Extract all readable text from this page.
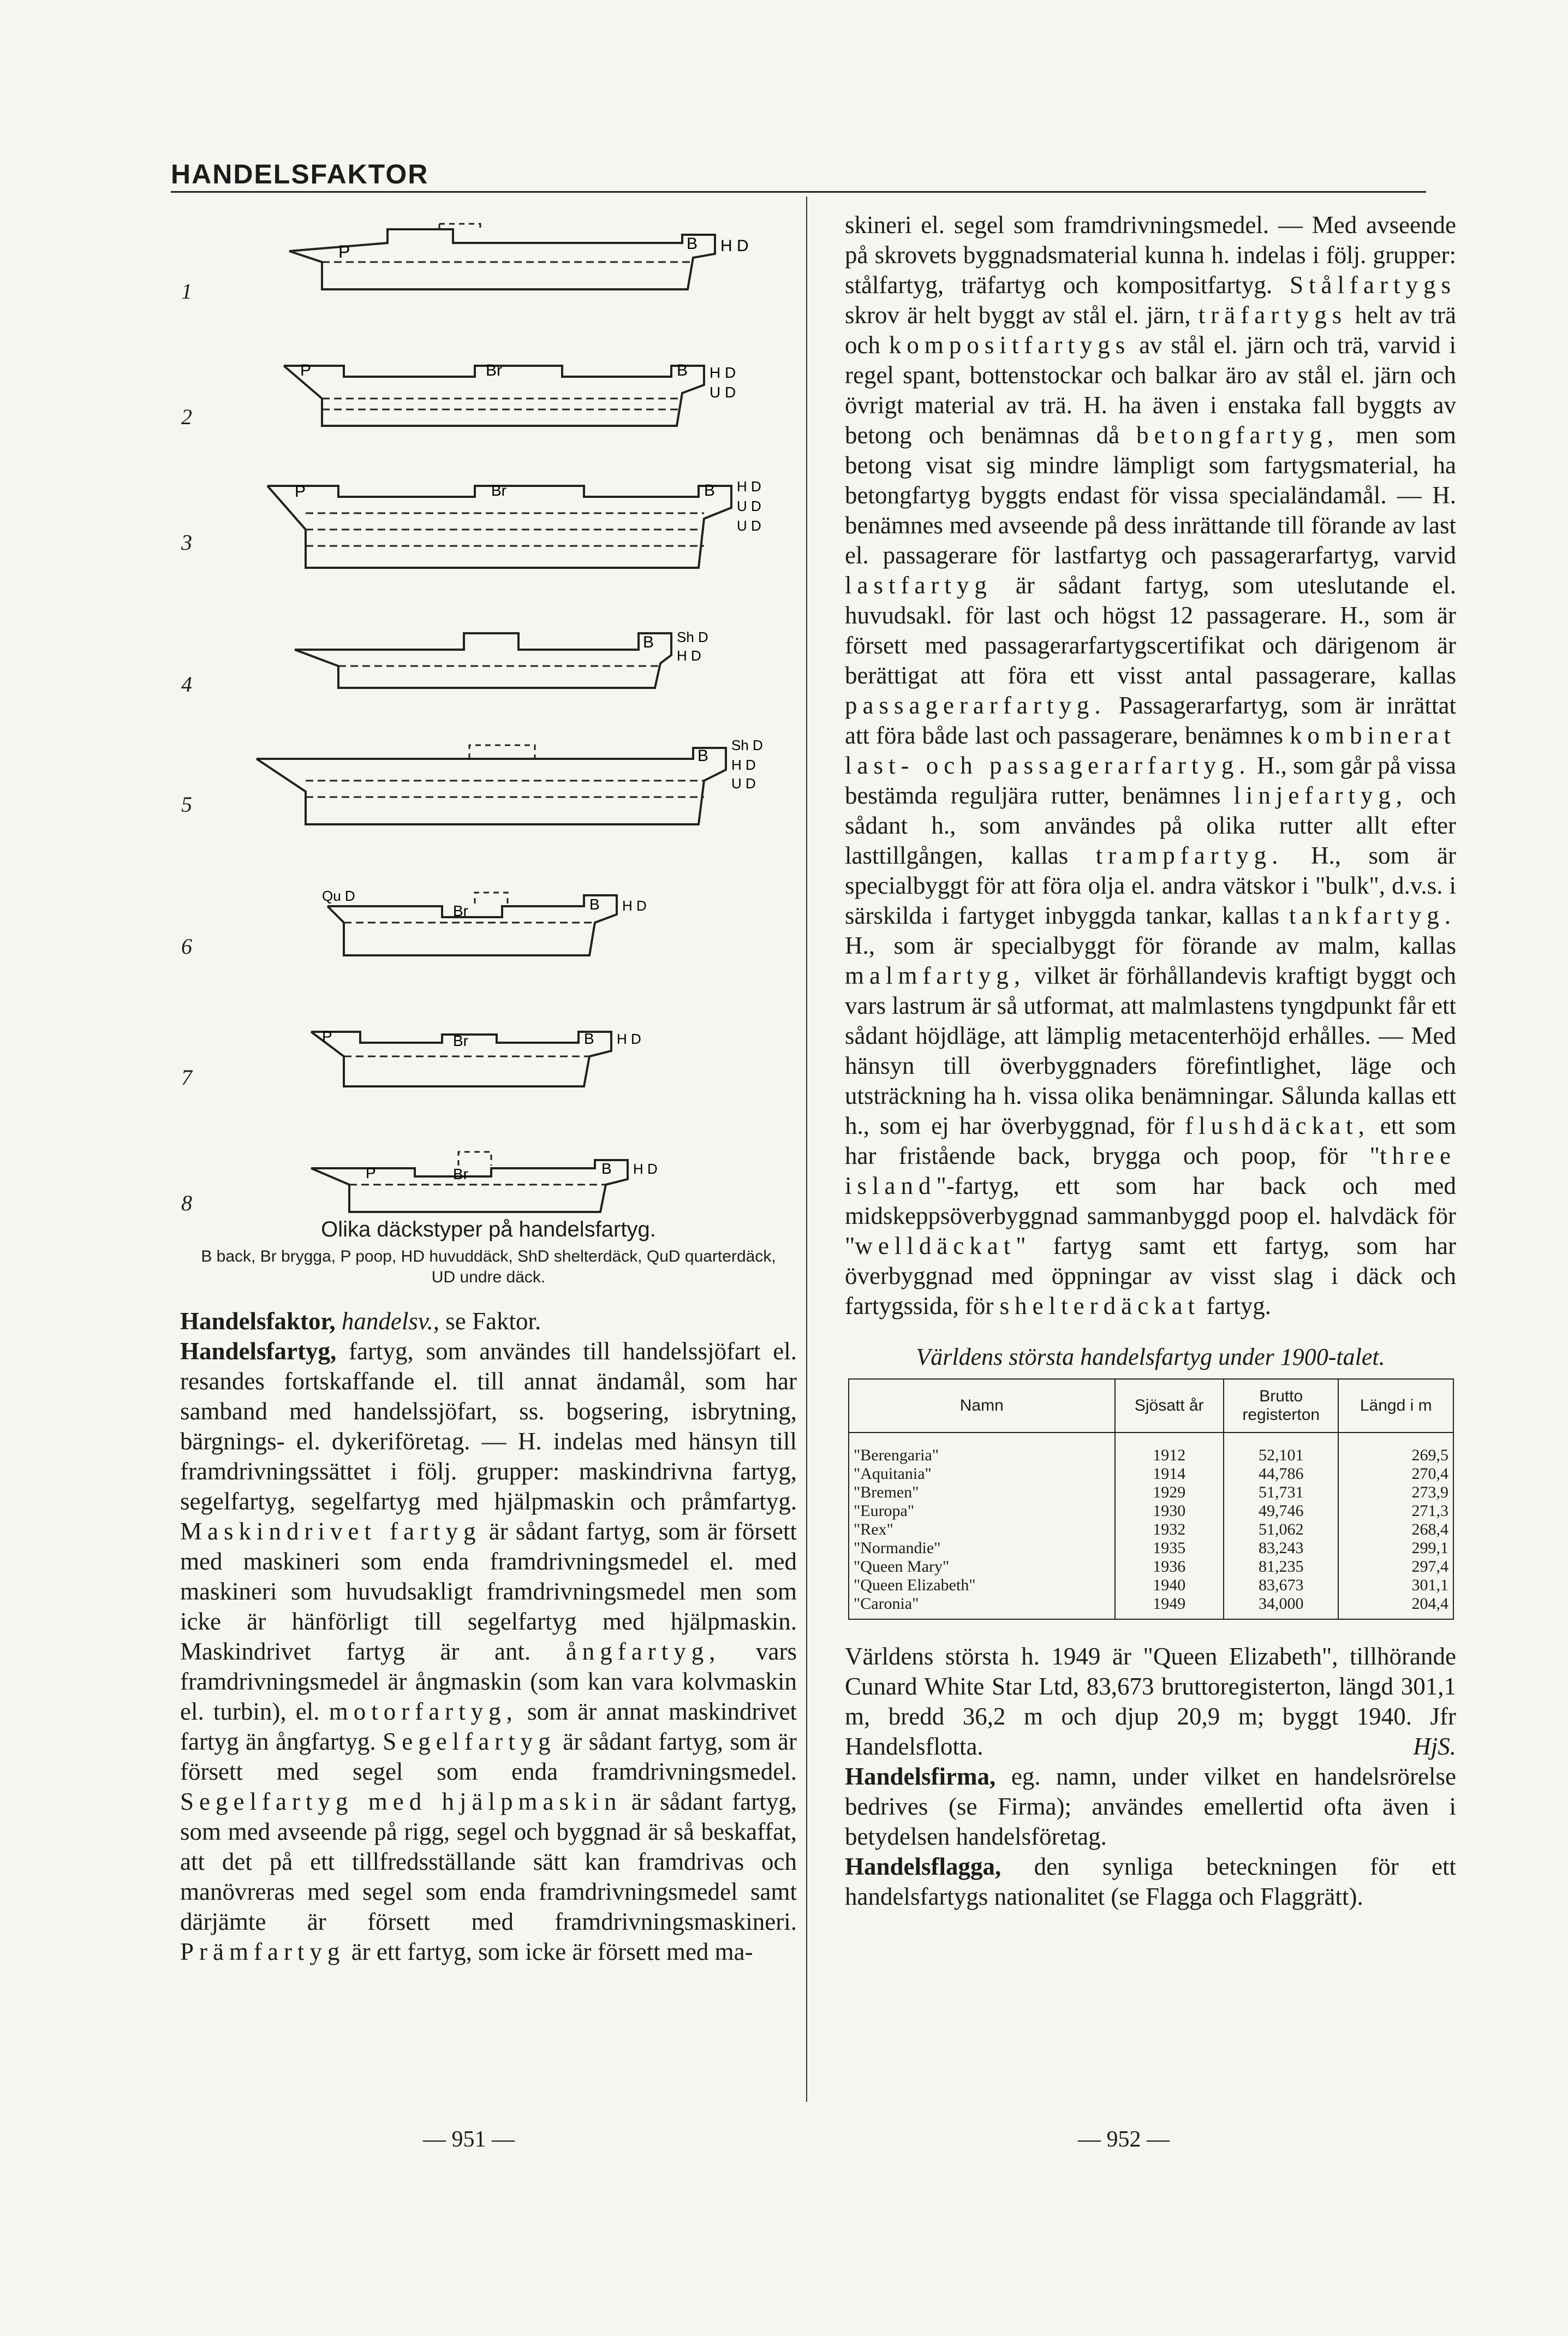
HANDELSFAKTOR
1
P	B H D
2
P	Br	B H D
U D
3
P	Br	B H D
U D
U D
4
B Sh D
H D
5
B
Sh D
H D
U D
6
Qu D
Br	B H D
7
P	Br	B H D
8
P	Br	B H D
Olika däckstyper på handelsfartyg.
B back, Br brygga, P poop, HD huvuddäck, ShD shelterdäck, QuD quarterdäck, UD undre däck.

Handelsfaktor, handelsv., se Faktor.

Handelsfartyg, fartyg, som användes till handelssjöfart el. resandes fortskaffande el. till annat ändamål, som har samband med handelssjöfart, ss. bogsering, isbrytning, bärgnings- el. dykeriföretag. — H. indelas med hänsyn till framdrivningssättet i följ. grupper: maskindrivna fartyg, segelfartyg, segelfartyg med hjälpmaskin och pråmfartyg. Maskindrivet fartyg är sådant fartyg, som är försett med maskineri som enda framdrivningsmedel el. med maskineri som huvudsakligt framdrivningsmedel men som icke är hänförligt till segelfartyg med hjälpmaskin. Maskindrivet fartyg är ant. ångfartyg, vars framdrivningsmedel är ångmaskin (som kan vara kolvmaskin el. turbin), el. motorfartyg, som är annat maskindrivet fartyg än ångfartyg. Segelfartyg är sådant fartyg, som är försett med segel som enda framdrivningsmedel. Segelfartyg med hjälpmaskin är sådant fartyg, som med avseende på rigg, segel och byggnad är så beskaffat, att det på ett tillfredsställande sätt kan framdrivas och manövreras med segel som enda framdrivningsmedel samt därjämte är försett med framdrivningsmaskineri. Prämfartyg är ett fartyg, som icke är försett med ma-

skineri el. segel som framdrivningsmedel. — Med avseende på skrovets byggnadsmaterial kunna h. indelas i följ. grupper: stålfartyg, träfartyg och kompositfartyg. Stålfartygs skrov är helt byggt av stål el. järn, träfartygs helt av trä och kompositfartygs av stål el. järn och trä, varvid i regel spant, bottenstockar och balkar äro av stål el. järn och övrigt material av trä. H. ha även i enstaka fall byggts av betong och benämnas då betongfartyg, men som betong visat sig mindre lämpligt som fartygsmaterial, ha betongfartyg byggts endast för vissa specialändamål. — H. benämnes med avseende på dess inrättande till förande av last el. passagerare för lastfartyg och passagerarfartyg, varvid lastfartyg är sådant fartyg, som uteslutande el. huvudsakl. för last och högst 12 passagerare. H., som är försett med passagerarfartygscertifikat och därigenom är berättigat att föra ett visst antal passagerare, kallas passagerarfartyg. Passagerarfartyg, som är inrättat att föra både last och passagerare, benämnes kombinerat last- och passagerarfartyg. H., som går på vissa bestämda reguljära rutter, benämnes linjefartyg, och sådant h., som användes på olika rutter allt efter lasttillgången, kallas trampfartyg. H., som är specialbyggt för att föra olja el. andra vätskor i "bulk", d.v.s. i särskilda i fartyget inbyggda tankar, kallas tankfartyg. H., som är specialbyggt för förande av malm, kallas malmfartyg, vilket är förhållandevis kraftigt byggt och vars lastrum är så utformat, att malmlastens tyngdpunkt får ett sådant höjdläge, att lämplig metacenterhöjd erhålles. — Med hänsyn till överbyggnaders förefintlighet, läge och utsträckning ha h. vissa olika benämningar. Sålunda kallas ett h., som ej har överbyggnad, för flushdäckat, ett som har fristående back, brygga och poop, för "three island"-fartyg, ett som har back och med midskeppsöverbyggnad sammanbyggd poop el. halvdäck för "welldäckat" fartyg samt ett fartyg, som har överbyggnad med öppningar av visst slag i däck och fartygssida, för shelterdäckat fartyg.

Världens största handelsfartyg under 1900-talet.
Namn	Sjösatt år	Brutto registerton	Längd i m
"Berengaria"	1912	52,101	269,5
"Aquitania"	1914	44,786	270,4
"Bremen"	1929	51,731	273,9
"Europa"	1930	49,746	271,3
"Rex"	1932	51,062	268,4
"Normandie"	1935	83,243	299,1
"Queen Mary"	1936	81,235	297,4
"Queen Elizabeth"	1940	83,673	301,1
"Caronia"	1949	34,000	204,4

Världens största h. 1949 är "Queen Elizabeth", tillhörande Cunard White Star Ltd, 83,673 bruttoregisterton, längd 301,1 m, bredd 36,2 m och djup 20,9 m; byggt 1940. Jfr Handelsflotta.	HjS.

Handelsfirma, eg. namn, under vilket en handelsrörelse bedrives (se Firma); användes emellertid ofta även i betydelsen handelsföretag.

Handelsflagga, den synliga beteckningen för ett handelsfartygs nationalitet (se Flagga och Flaggrätt).

— 951 —	— 952 —
